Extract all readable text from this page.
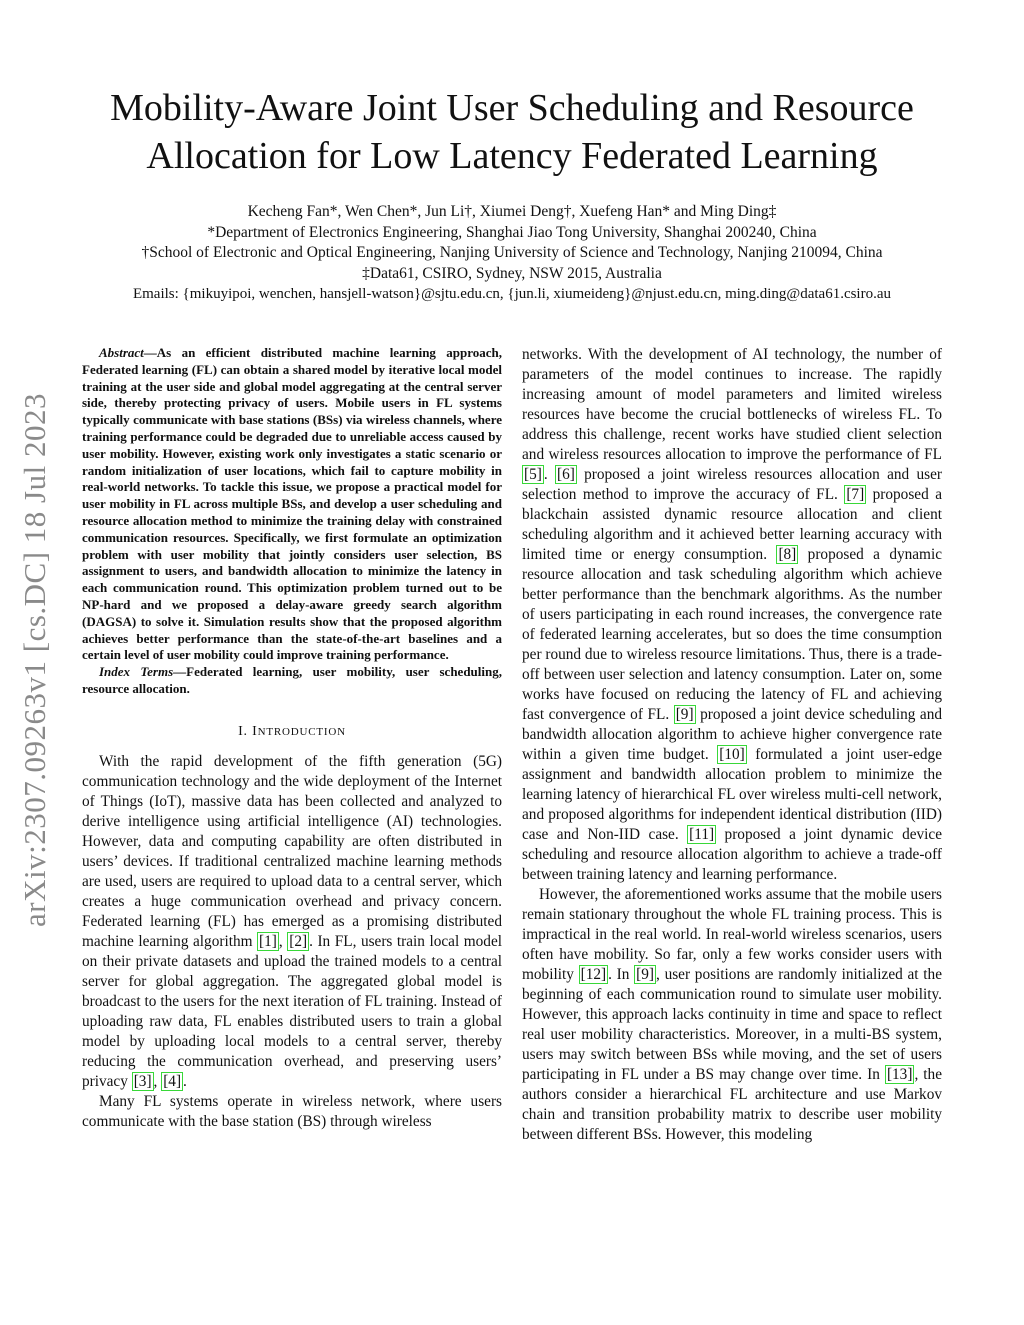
arXiv:2307.09263v1 [cs.DC] 18 Jul 2023
Mobility-Aware Joint User Scheduling and Resource Allocation for Low Latency Federated Learning
Kecheng Fan*, Wen Chen*, Jun Li†, Xiumei Deng†, Xuefeng Han* and Ming Ding‡
*Department of Electronics Engineering, Shanghai Jiao Tong University, Shanghai 200240, China
†School of Electronic and Optical Engineering, Nanjing University of Science and Technology, Nanjing 210094, China
‡Data61, CSIRO, Sydney, NSW 2015, Australia
Emails: {mikuyipoi, wenchen, hansjell-watson}@sjtu.edu.cn, {jun.li, xiumeideng}@njust.edu.cn, ming.ding@data61.csiro.au

Abstract—As an efficient distributed machine learning approach, Federated learning (FL) can obtain a shared model by iterative local model training at the user side and global model aggregating at the central server side, thereby protecting privacy of users. Mobile users in FL systems typically communicate with base stations (BSs) via wireless channels, where training performance could be degraded due to unreliable access caused by user mobility. However, existing work only investigates a static scenario or random initialization of user locations, which fail to capture mobility in real-world networks. To tackle this issue, we propose a practical model for user mobility in FL across multiple BSs, and develop a user scheduling and resource allocation method to minimize the training delay with constrained communication resources. Specifically, we first formulate an optimization problem with user mobility that jointly considers user selection, BS assignment to users, and bandwidth allocation to minimize the latency in each communication round. This optimization problem turned out to be NP-hard and we proposed a delay-aware greedy search algorithm (DAGSA) to solve it. Simulation results show that the proposed algorithm achieves better performance than the state-of-the-art baselines and a certain level of user mobility could improve training performance.

Index Terms—Federated learning, user mobility, user scheduling, resource allocation.

I. INTRODUCTION

With the rapid development of the fifth generation (5G) communication technology and the wide deployment of the Internet of Things (IoT), massive data has been collected and analyzed to derive intelligence using artificial intelligence (AI) technologies. However, data and computing capability are often distributed in users’ devices. If traditional centralized machine learning methods are used, users are required to upload data to a central server, which creates a huge communication overhead and privacy concern. Federated learning (FL) has emerged as a promising distributed machine learning algorithm [1] , [2] . In FL, users train local model on their private datasets and upload the trained models to a central server for global aggregation. The aggregated global model is broadcast to the users for the next iteration of FL training. Instead of uploading raw data, FL enables distributed users to train a global model by uploading local models to a central server, thereby reducing the communication overhead, and preserving users’ privacy [3] , [4] .

Many FL systems operate in wireless network, where users communicate with the base station (BS) through wireless

networks. With the development of AI technology, the number of parameters of the model continues to increase. The rapidly increasing amount of model parameters and limited wireless resources have become the crucial bottlenecks of wireless FL. To address this challenge, recent works have studied client selection and wireless resources allocation to improve the performance of FL [5] . [6] proposed a joint wireless resources allocation and user selection method to improve the accuracy of FL. [7] proposed a blackchain assisted dynamic resource allocation and client scheduling algorithm and it achieved better learning accuracy with limited time or energy consumption. [8] proposed a dynamic resource allocation and task scheduling algorithm which achieve better performance than the benchmark algorithms. As the number of users participating in each round increases, the convergence rate of federated learning accelerates, but so does the time consumption per round due to wireless resource limitations. Thus, there is a trade-off between user selection and latency consumption. Later on, some works have focused on reducing the latency of FL and achieving fast convergence of FL. [9] proposed a joint device scheduling and bandwidth allocation algorithm to achieve higher convergence rate within a given time budget. [10] formulated a joint user-edge assignment and bandwidth allocation problem to minimize the learning latency of hierarchical FL over wireless multi-cell network, and proposed algorithms for independent identical distribution (IID) case and Non-IID case. [11] proposed a joint dynamic device scheduling and resource allocation algorithm to achieve a trade-off between training latency and learning performance.

However, the aforementioned works assume that the mobile users remain stationary throughout the whole FL training process. This is impractical in the real world. In real-world wireless scenarios, users often have mobility. So far, only a few works consider users with mobility [12] . In [9] , user positions are randomly initialized at the beginning of each communication round to simulate user mobility. However, this approach lacks continuity in time and space to reflect real user mobility characteristics. Moreover, in a multi-BS system, users may switch between BSs while moving, and the set of users participating in FL under a BS may change over time. In [13] , the authors consider a hierarchical FL architecture and use Markov chain and transition probability matrix to describe user mobility between different BSs. However, this modeling
